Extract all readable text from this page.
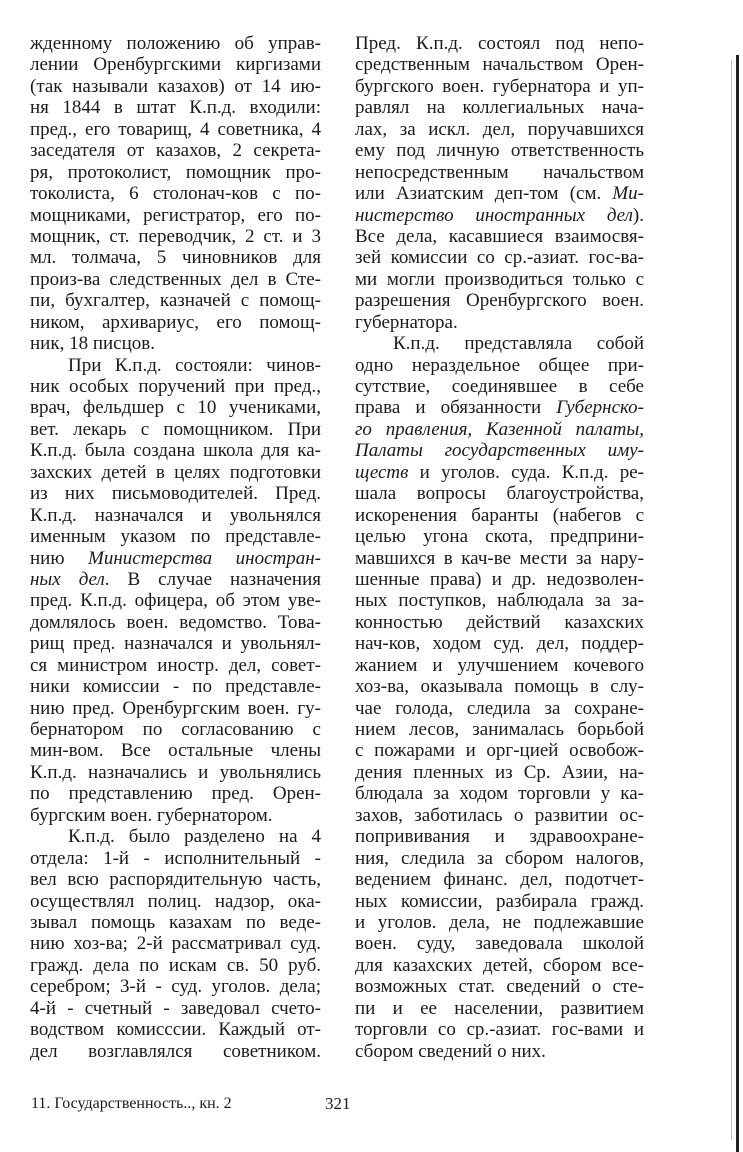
жденному положению об управ-
лении Оренбургскими киргизами
(так называли казахов) от 14 ию-
ня 1844 в штат К.п.д. входили:
пред., его товарищ, 4 советника, 4
заседателя от казахов, 2 секрета-
ря, протоколист, помощник про-
токолиста, 6 столонач-ков с по-
мощниками, регистратор, его по-
мощник, ст. переводчик, 2 ст. и 3
мл. толмача, 5 чиновников для
произ-ва следственных дел в Сте-
пи, бухгалтер, казначей с помощ-
ником, архивариус, его помощ-
ник, 18 писцов.
При К.п.д. состояли: чинов-
ник особых поручений при пред.,
врач, фельдшер с 10 учениками,
вет. лекарь с помощником. При
К.п.д. была создана школа для ка-
захских детей в целях подготовки
из них письмоводителей. Пред.
К.п.д. назначался и увольнялся
именным указом по представле-
нию Министерства иностран-
ных дел. В случае назначения
пред. К.п.д. офицера, об этом уве-
домлялось воен. ведомство. Това-
рищ пред. назначался и увольнял-
ся министром иностр. дел, совет-
ники комиссии - по представле-
нию пред. Оренбургским воен. гу-
бернатором по согласованию с
мин-вом. Все остальные члены
К.п.д. назначались и увольнялись
по представлению пред. Орен-
бургским воен. губернатором.
К.п.д. было разделено на 4
отдела: 1-й - исполнительный -
вел всю распорядительную часть,
осуществлял полиц. надзор, ока-
зывал помощь казахам по веде-
нию хоз-ва; 2-й рассматривал суд.
гражд. дела по искам св. 50 руб.
серебром; 3-й - суд. уголов. дела;
4-й - счетный - заведовал счето-
водством комисссии. Каждый от-
дел возглавлялся советником.
Пред. К.п.д. состоял под непо-
средственным начальством Орен-
бургского воен. губернатора и уп-
равлял на коллегиальных нача-
лах, за искл. дел, поручавшихся
ему под личную ответственность
непосредственным начальством
или Азиатским деп-том (см. Ми-
нистерство иностранных дел).
Все дела, касавшиеся взаимосвя-
зей комиссии со ср.-азиат. гос-ва-
ми могли производиться только с
разрешения Оренбургского воен.
губернатора.
К.п.д. представляла собой
одно нераздельное общее при-
сутствие, соединявшее в себе
права и обязанности Губернско-
го правления, Казенной палаты,
Палаты государственных иму-
ществ и уголов. суда. К.п.д. ре-
шала вопросы благоустройства,
искоренения баранты (набегов с
целью угона скота, предприни-
мавшихся в кач-ве мести за нару-
шенные права) и др. недозволен-
ных поступков, наблюдала за за-
конностью действий казахских
нач-ков, ходом суд. дел, поддер-
жанием и улучшением кочевого
хоз-ва, оказывала помощь в слу-
чае голода, следила за сохране-
нием лесов, занималась борьбой
с пожарами и орг-цией освобож-
дения пленных из Ср. Азии, на-
блюдала за ходом торговли у ка-
захов, заботилась о развитии ос-
попрививания и здравоохране-
ния, следила за сбором налогов,
ведением финанс. дел, подотчет-
ных комиссии, разбирала гражд.
и уголов. дела, не подлежавшие
воен. суду, заведовала школой
для казахских детей, сбором все-
возможных стат. сведений о сте-
пи и ее населении, развитием
торговли со ср.-азиат. гос-вами и
сбором сведений о них.
11. Государственность.., кн. 2	321
